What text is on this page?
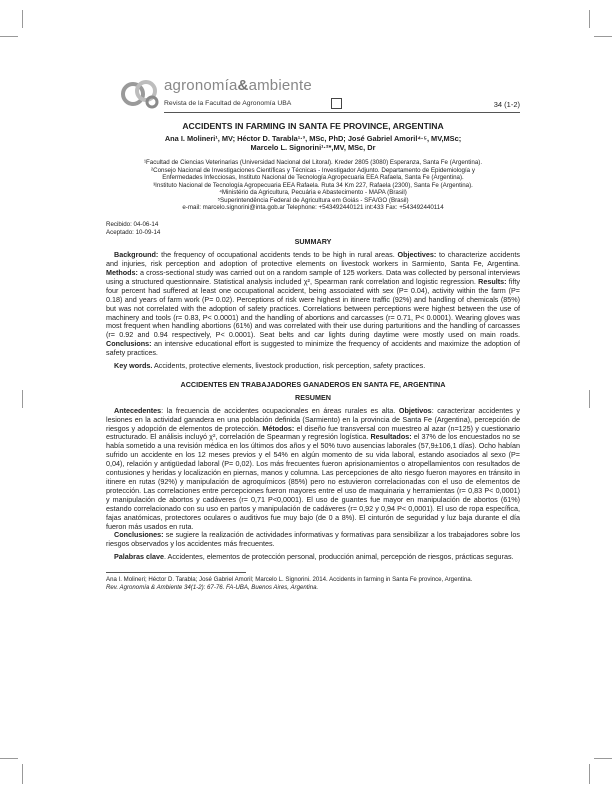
agronomía&ambiente
Revista de la Facultad de Agronomía UBA	34 (1-2)
ACCIDENTS IN FARMING IN SANTA FE PROVINCE, ARGENTINA
Ana I. Molineri¹, MV; Héctor D. Tarabla¹·³, MSc, PhD; José Gabriel Amoril⁴·⁵, MV,MSc;
Marcelo L. Signorini¹·²*,MV, MSc, Dr
¹Facultad de Ciencias Veterinarias (Universidad Nacional del Litoral). Kreder 2805 (3080) Esperanza, Santa Fe (Argentina).
²Consejo Nacional de Investigaciones Científicas y Técnicas - Investigador Adjunto. Departamento de Epidemiología y
Enfermedades Infecciosas, Instituto Nacional de Tecnología Agropecuaria EEA Rafaela, Santa Fe (Argentina).
³Instituto Nacional de Tecnología Agropecuaria EEA Rafaela. Ruta 34 Km 227, Rafaela (2300), Santa Fe (Argentina).
⁴Ministério da Agricultura, Pecuária e Abastecimento - MAPA (Brasil)
⁵Superintendência Federal de Agricultura em Goiás - SFA/GO (Brasil)
e-mail: marcelo.signorini@inta.gob.ar Telephone: +543492440121 int:433 Fax: +543492440114
Recibido: 04-06-14
Aceptado: 10-09-14
SUMMARY

Background: the frequency of occupational accidents tends to be high in rural areas. Objectives: to characterize accidents and injuries, risk perception and adoption of protective elements on livestock workers in Sarmiento, Santa Fe, Argentina. Methods: a cross-sectional study was carried out on a random sample of 125 workers. Data was collected by personal interviews using a structured questionnaire. Statistical analysis included χ², Spearman rank correlation and logistic regression. Results: fifty four percent had suffered at least one occupational accident, being associated with sex (P= 0.04), activity within the farm (P= 0.18) and years of farm work (P= 0.02). Perceptions of risk were highest in itinere traffic (92%) and handling of chemicals (85%) but was not correlated with the adoption of safety practices. Correlations between perceptions were highest between the use of machinery and tools (r= 0.83, P< 0.0001) and the handling of abortions and carcasses (r= 0.71, P< 0.0001). Wearing gloves was most frequent when handling abortions (61%) and was correlated with their use during parturitions and the handling of carcasses (r= 0.92 and 0.94 respectively, P< 0.0001). Seat belts and car lights during daytime were mostly used on main roads. Conclusions: an intensive educational effort is suggested to minimize the frequency of accidents and maximize the adoption of safety practices.

Key words. Accidents, protective elements, livestock production, risk perception, safety practices.

ACCIDENTES EN TRABAJADORES GANADEROS EN SANTA FE, ARGENTINA
RESUMEN

Antecedentes: la frecuencia de accidentes ocupacionales en áreas rurales es alta. Objetivos: caracterizar accidentes y lesiones en la actividad ganadera en una población definida (Sarmiento) en la provincia de Santa Fe (Argentina), percepción de riesgos y adopción de elementos de protección. Métodos: el diseño fue transversal con muestreo al azar (n=125) y cuestionario estructurado. El análisis incluyó χ², correlación de Spearman y regresión logística. Resultados: el 37% de los encuestados no se había sometido a una revisión médica en los últimos dos años y el 50% tuvo ausencias laborales (57,9±106,1 días). Ocho habían sufrido un accidente en los 12 meses previos y el 54% en algún momento de su vida laboral, estando asociados al sexo (P= 0,04), relación y antigüedad laboral (P= 0,02). Los más frecuentes fueron aprisionamientos o atropellamientos con resultados de contusiones y heridas y localización en piernas, manos y columna. Las percepciones de alto riesgo fueron mayores en tránsito in itinere en rutas (92%) y manipulación de agroquímicos (85%) pero no estuvieron correlacionadas con el uso de elementos de protección. Las correlaciones entre percepciones fueron mayores entre el uso de maquinaria y herramientas (r= 0,83 P< 0,0001) y manipulación de abortos y cadáveres (r= 0,71 P<0,0001). El uso de guantes fue mayor en manipulación de abortos (61%) estando correlacionado con su uso en partos y manipulación de cadáveres (r= 0,92 y 0,94 P< 0,0001). El uso de ropa específica, fajas anatómicas, protectores oculares o auditivos fue muy bajo (de 0 a 8%). El cinturón de seguridad y luz baja durante el día fueron más usados en ruta.

Conclusiones: se sugiere la realización de actividades informativas y formativas para sensibilizar a los trabajadores sobre los riesgos observados y los accidentes más frecuentes.

Palabras clave. Accidentes, elementos de protección personal, producción animal, percepción de riesgos, prácticas seguras.

Ana I. Molineri; Héctor D. Tarabla; José Gabriel Amoril; Marcelo L. Signorini. 2014. Accidents in farming in Santa Fe province, Argentina.
Rev. Agronomía & Ambiente 34(1-2): 67-76. FA-UBA, Buenos Aires, Argentina.
